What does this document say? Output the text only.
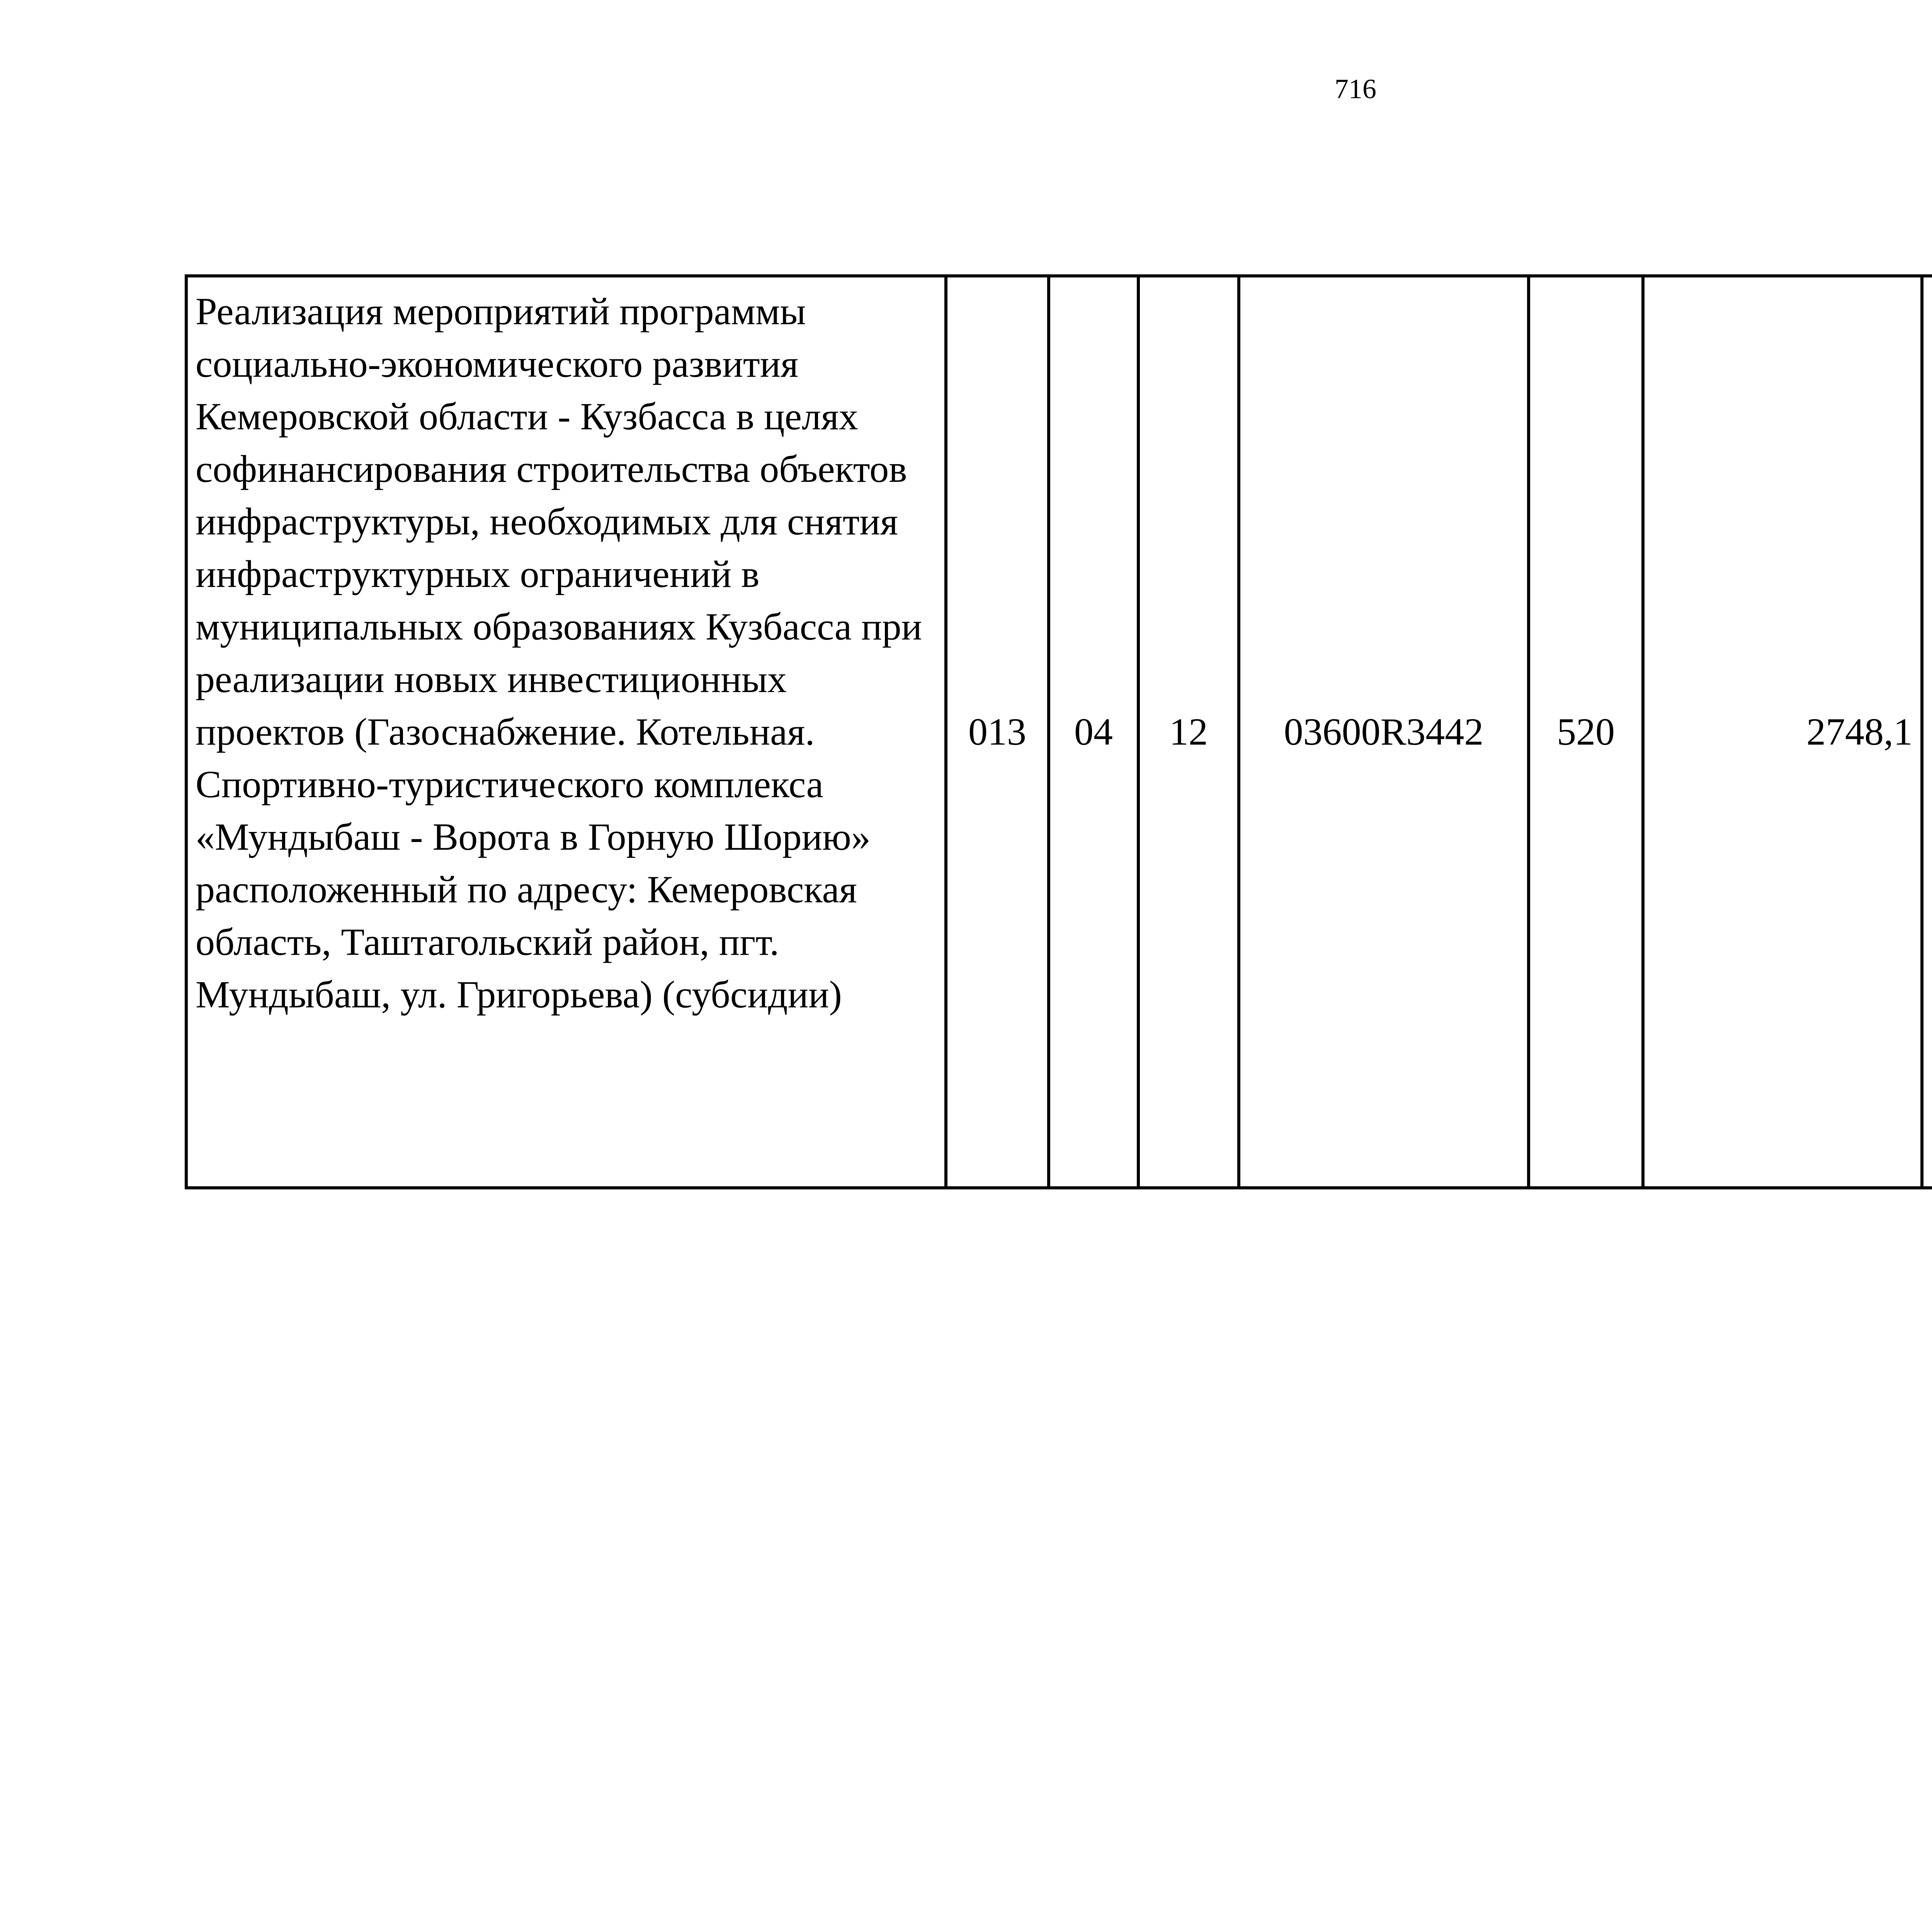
716
Реализация мероприятий программы социально-экономического развития Кемеровской области - Кузбасса в целях софинансирования строительства объектов инфраструктуры, необходимых для снятия инфраструктурных ограничений в муниципальных образованиях Кузбасса при реализации новых инвестиционных проектов (Газоснабжение. Котельная. Спортивно-туристического комплекса «Мундыбаш - Ворота в Горную Шорию» расположенный по адресу: Кемеровская область, Таштагольский район, пгт. Мундыбаш, ул. Григорьева) (субсидии)	013	04	12	03600R3442	520	2748,1		
